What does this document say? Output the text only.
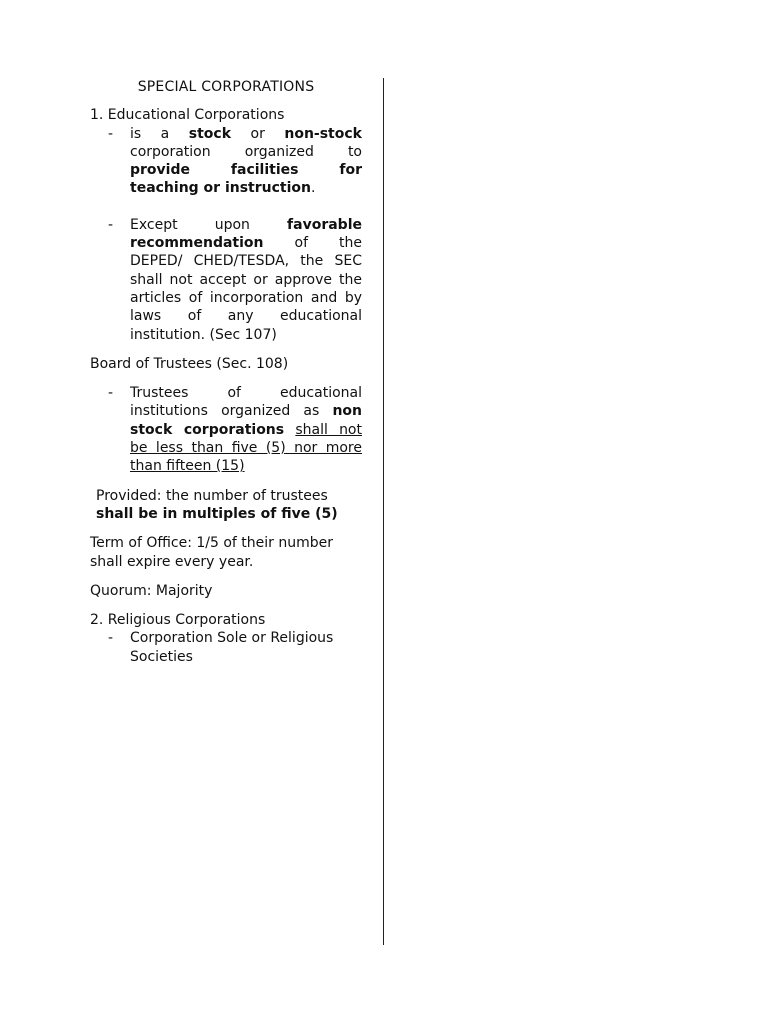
SPECIAL CORPORATIONS
1. Educational Corporations
-	is a stock or non-stock corporation organized to provide facilities for teaching or instruction.
-	Except upon favorable recommendation of the DEPED/ CHED/TESDA, the SEC shall not accept or approve the articles of incorporation and by laws of any educational institution. (Sec 107)
Board of Trustees (Sec. 108)
-	Trustees of educational institutions organized as non stock corporations shall not be less than five (5) nor more than fifteen (15)
Provided: the number of trustees
shall be in multiples of five (5)
Term of Office: 1/5 of their number shall expire every year.
Quorum: Majority
2. Religious Corporations
-	Corporation Sole or Religious Societies
